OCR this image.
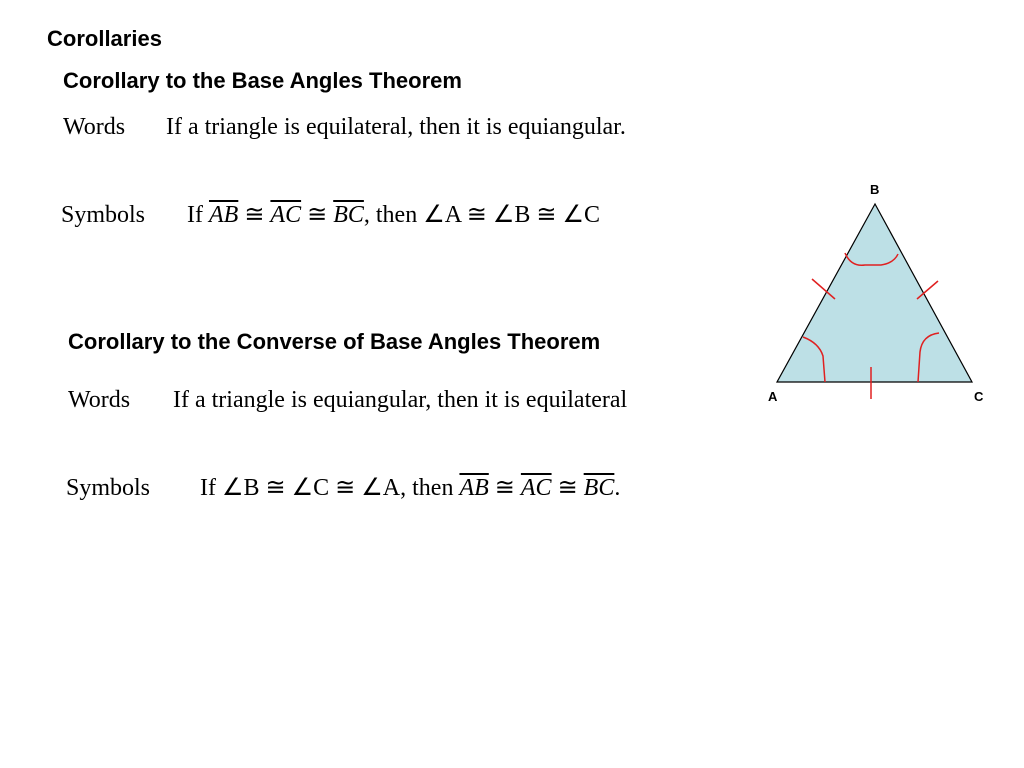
Corollaries
Corollary to the Base Angles Theorem
Words If a triangle is equilateral, then it is equiangular.
Symbols If $\overline{AB}$ ≅ $\overline{AC}$ ≅ $\overline{BC}$, then ∠A ≅ ∠B ≅ ∠C
Corollary to the Converse of Base Angles Theorem
Words If a triangle is equiangular, then it is equilateral
Symbols If ∠B ≅ ∠C ≅ ∠A, then $\overline{AB}$ ≅ $\overline{AC}$ ≅ $\overline{BC}$.
B
A	C
